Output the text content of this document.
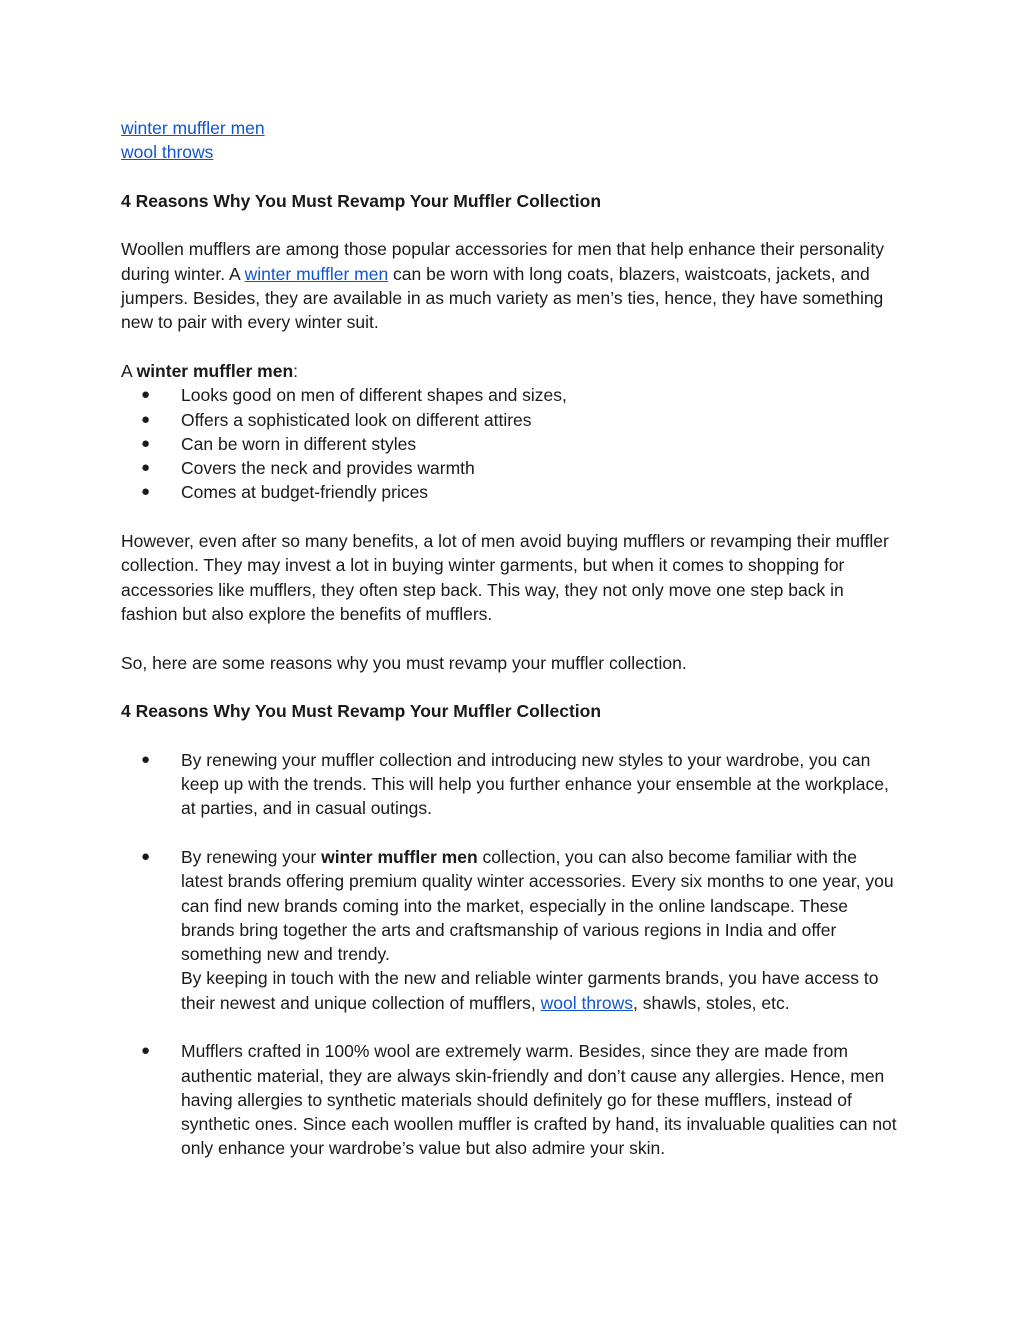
winter muffler men
wool throws

4 Reasons Why You Must Revamp Your Muffler Collection

Woollen mufflers are among those popular accessories for men that help enhance their personality during winter. A winter muffler men can be worn with long coats, blazers, waistcoats, jackets, and jumpers. Besides, they are available in as much variety as men’s ties, hence, they have something new to pair with every winter suit.

A winter muffler men:

● Looks good on men of different shapes and sizes,
● Offers a sophisticated look on different attires
● Can be worn in different styles
● Covers the neck and provides warmth
● Comes at budget-friendly prices

However, even after so many benefits, a lot of men avoid buying mufflers or revamping their muffler collection. They may invest a lot in buying winter garments, but when it comes to shopping for accessories like mufflers, they often step back. This way, they not only move one step back in fashion but also explore the benefits of mufflers.

So, here are some reasons why you must revamp your muffler collection.

4 Reasons Why You Must Revamp Your Muffler Collection

● By renewing your muffler collection and introducing new styles to your wardrobe, you can keep up with the trends. This will help you further enhance your ensemble at the workplace, at parties, and in casual outings.
● By renewing your winter muffler men collection, you can also become familiar with the latest brands offering premium quality winter accessories. Every six months to one year, you can find new brands coming into the market, especially in the online landscape. These brands bring together the arts and craftsmanship of various regions in India and offer something new and trendy.
By keeping in touch with the new and reliable winter garments brands, you have access to their newest and unique collection of mufflers, wool throws, shawls, stoles, etc.
● Mufflers crafted in 100% wool are extremely warm. Besides, since they are made from authentic material, they are always skin-friendly and don’t cause any allergies. Hence, men having allergies to synthetic materials should definitely go for these mufflers, instead of synthetic ones. Since each woollen muffler is crafted by hand, its invaluable qualities can not only enhance your wardrobe’s value but also admire your skin.
